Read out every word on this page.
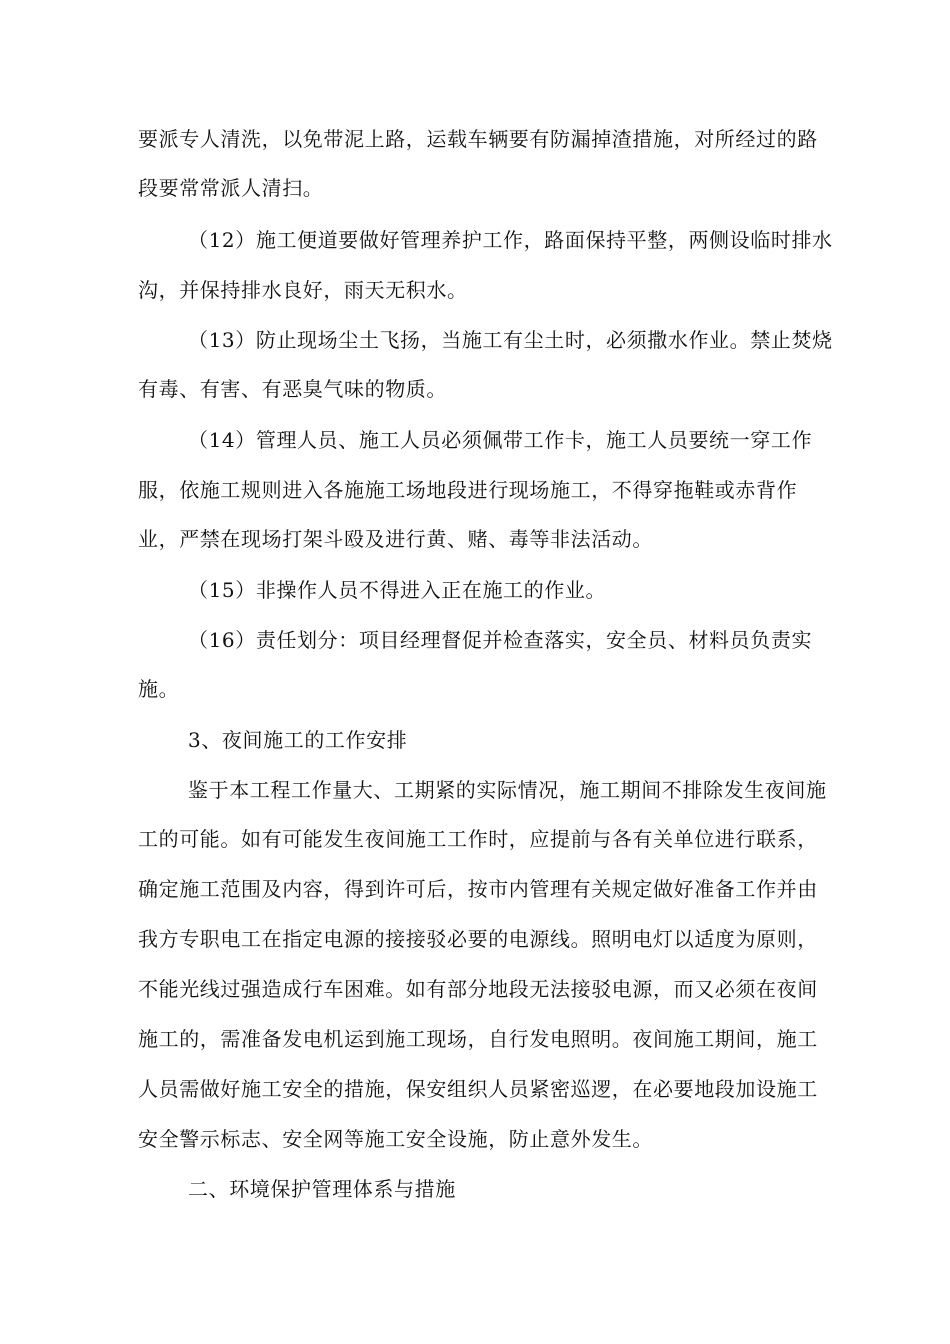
要派专人清洗，以免带泥上路，运载车辆要有防漏掉渣措施，对所经过的路
段要常常派人清扫。
（12）施工便道要做好管理养护工作，路面保持平整，两侧设临时排水
沟，并保持排水良好，雨天无积水。
（13）防止现场尘土飞扬，当施工有尘土时，必须撒水作业。禁止焚烧
有毒、有害、有恶臭气味的物质。
（14）管理人员、施工人员必须佩带工作卡，施工人员要统一穿工作
服，依施工规则进入各施施工场地段进行现场施工，不得穿拖鞋或赤背作
业，严禁在现场打架斗殴及进行黄、赌、毒等非法活动。
（15）非操作人员不得进入正在施工的作业。
（16）责任划分：项目经理督促并检查落实，安全员、材料员负责实
施。
3、夜间施工的工作安排
鉴于本工程工作量大、工期紧的实际情况，施工期间不排除发生夜间施
工的可能。如有可能发生夜间施工工作时，应提前与各有关单位进行联系，
确定施工范围及内容，得到许可后，按市内管理有关规定做好准备工作并由
我方专职电工在指定电源的接接驳必要的电源线。照明电灯以适度为原则，
不能光线过强造成行车困难。如有部分地段无法接驳电源，而又必须在夜间
施工的，需准备发电机运到施工现场，自行发电照明。夜间施工期间，施工
人员需做好施工安全的措施，保安组织人员紧密巡逻，在必要地段加设施工
安全警示标志、安全网等施工安全设施，防止意外发生。
二、环境保护管理体系与措施
